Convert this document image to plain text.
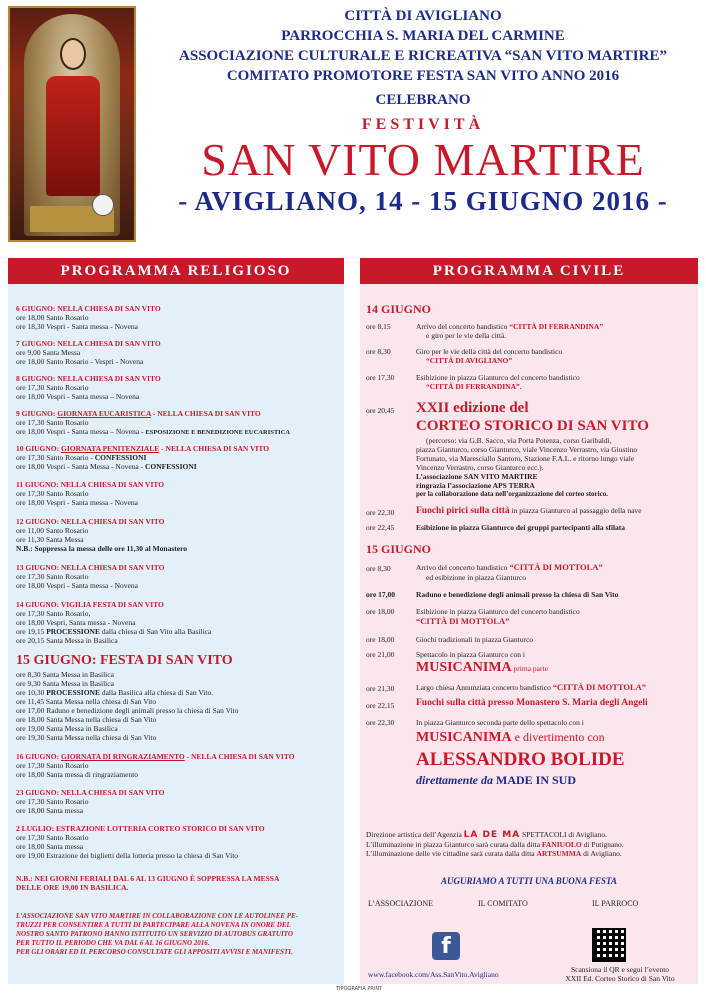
CITTÀ DI AVIGLIANO
PARROCCHIA S. MARIA DEL CARMINE
ASSOCIAZIONE CULTURALE E RICREATIVA “SAN VITO MARTIRE”
COMITATO PROMOTORE FESTA SAN VITO ANNO 2016
CELEBRANO
FESTIVITÀ
SAN VITO MARTIRE
- AVIGLIANO, 14 - 15 GIUGNO 2016 -
PROGRAMMA RELIGIOSO	PROGRAMMA CIVILE
6 GIUGNO: NELLA CHIESA DI SAN VITO
ore 18,00 Santo Rosario
ore 18,30 Vespri - Santa messa - Novena
7 GIUGNO: NELLA CHIESA DI SAN VITO
ore 9,00 Santa Messa
ore 18,00 Santo Rosario - Vespri - Novena
8 GIUGNO: NELLA CHIESA DI SAN VITO
ore 17,30 Santo Rosario
ore 18,00 Vespri - Santa messa – Novena
9 GIUGNO: GIORNATA EUCARISTICA - NELLA CHIESA DI SAN VITO
ore 17,30 Santo Rosario
ore 18,00 Vespri - Santa messa – Novena - ESPOSIZIONE E BENEDIZIONE EUCARISTICA
10 GIUGNO: GIORNATA PENITENZIALE - NELLA CHIESA DI SAN VITO
ore 17,30 Santo Rosario - CONFESSIONI
ore 18,00 Vespri - Santa Messa - Novena - CONFESSIONI
11 GIUGNO: NELLA CHIESA DI SAN VITO
ore 17,30 Santo Rosario
ore 18,00 Vespri - Santa messa - Novena
12 GIUGNO: NELLA CHIESA DI SAN VITO
ore 11,00 Santo Rosario
ore 11,30 Santa Messa
N.B.: Soppressa la messa delle ore 11,30 al Monastero
13 GIUGNO: NELLA CHIESA DI SAN VITO
ore 17,30 Santo Rosario
ore 18,00 Vespri - Santa messa - Novena
14 GIUGNO: VIGILIA FESTA DI SAN VITO
ore 17,30 Santo Rosario,
ore 18,00 Vespri, Santa messa - Novena
ore 19,15 PROCESSIONE dalla chiesa di San Vito alla Basilica
ore 20,15 Santa Messa in Basilica
15 GIUGNO: FESTA DI SAN VITO
ore 8,30 Santa Messa in Basilica
ore 9,30 Santa Messa in Basilica
ore 10,30 PROCESSIONE dalla Basilica alla chiesa di San Vito.
ore 11,45 Santa Messa nella chiesa di San Vito
ore 17,00 Raduno e benedizione degli animali presso la chiesa di San Vito
ore 18,00 Santa Messa nella chiesa di San Vito
ore 19,00 Santa Messa in Basilica
ore 19,30 Santa Messa nella chiesa di San Vito
16 GIUGNO: GIORNATA DI RINGRAZIAMENTO - NELLA CHIESA DI SAN VITO
ore 17,30 Santo Rosario
ore 18,00 Santa messa di ringraziamento
23 GIUGNO: NELLA CHIESA DI SAN VITO
ore 17,30 Santo Rosario
ore 18,00 Santa messa
2 LUGLIO: ESTRAZIONE LOTTERIA CORTEO STORICO DI SAN VITO
ore 17,30 Santo Rosario
ore 18,00 Santa messa
ore 19,00 Estrazione dei biglietti della lotteria presso la chiesa di San Vito
N.B.: NEI GIORNI FERIALI DAL 6 AL 13 GIUGNO È SOPPRESSA LA MESSA
DELLE ORE 19,00 IN BASILICA.
L’ASSOCIAZIONE SAN VITO MARTIRE IN COLLABORAZIONE CON LE AUTOLINEE PE-
TRUZZI PER CONSENTIRE A TUTTI DI PARTECIPARE ALLA NOVENA IN ONORE DEL
NOSTRO SANTO PATRONO HANNO ISTITUITO UN SERVIZIO DI AUTOBUS GRATUITO
PER TUTTO IL PERIODO CHE VA DAL 6 AL 16 GIUGNO 2016.
PER GLI ORARI ED IL PERCORSO CONSULTATE GLI APPOSITI AVVISI E MANIFESTI.
14 GIUGNO
ore 8,15	Arrivo del concerto bandistico “CITTÀ DI FERRANDINA”
e giro per le vie della città.
ore 8,30	Giro per le vie della città del concerto bandistico
“CITTÀ DI AVIGLIANO”
ore 17,30	Esibizione in piazza Gianturco del concerto bandistico
“CITTÀ DI FERRANDINA”.
ore 20,45 XXII edizione del
CORTEO STORICO DI SAN VITO
(percorso: via G.B. Sacco, via Porta Potenza, corso Garibaldi,
piazza Gianturco, corso Gianturco, viale Vincenzo Verrastro, via Giustino
Fortunato, via Maresciallo Santoro, Stazione F.A.L. e ritorno lungo viale
Vincenzo Verrastro, corso Gianturco ecc.).
L’associazione SAN VITO MARTIRE
ringrazia l’associazione APS TERRA
per la collaborazione data nell’organizzazione del corteo storico.
ore 22,30 Fuochi pirici sulla città in piazza Gianturco al passaggio della nave
ore 22,45	Esibizione in piazza Gianturco dei gruppi partecipanti alla sfilata
15 GIUGNO
ore 8,30	Arrivo del concerto bandistico “CITTÀ DI MOTTOLA”
ed esibizione in piazza Gianturco
ore 17,00	Raduno e benedizione degli animali presso la chiesa di San Vito
ore 18,00	Esibizione in piazza Gianturco del concerto bandistico
“CITTÀ DI MOTTOLA”
ore 18,00	Giochi tradizionali in piazza Gianturco
ore 21,00	Spettacolo in piazza Gianturco con i
MUSICANIMA prima parte
ore 21,30	Largo chiesa Annunziata concerto bandistico “CITTÀ DI MOTTOLA”
ore 22,15 Fuochi sulla città presso Monastero S. Maria degli Angeli
ore 22,30	In piazza Gianturco seconda parte dello spettacolo con i
MUSICANIMA e divertimento con
ALESSANDRO BOLIDE
direttamente da MADE IN SUD
Direzione artistica dell’Agenzia LA DE MA SPETTACOLI di Avigliano.
L’illuminazione in piazza Gianturco sarà curata dalla ditta FANIUOLO di Putignano.
L’illuminazione delle vie cittadine sarà curata dalla ditta ARTSUMMA di Avigliano.
AUGURIAMO A TUTTI UNA BUONA FESTA
L’ASSOCIAZIONE	IL COMITATO	IL PARROCO
www.facebook.com/Ass.SanVito.Avigliano
Scansiona il QR e segui l’evento
XXII Ed. Corteo Storico di San Vito
f
TIPOGRAFIA PRINT
